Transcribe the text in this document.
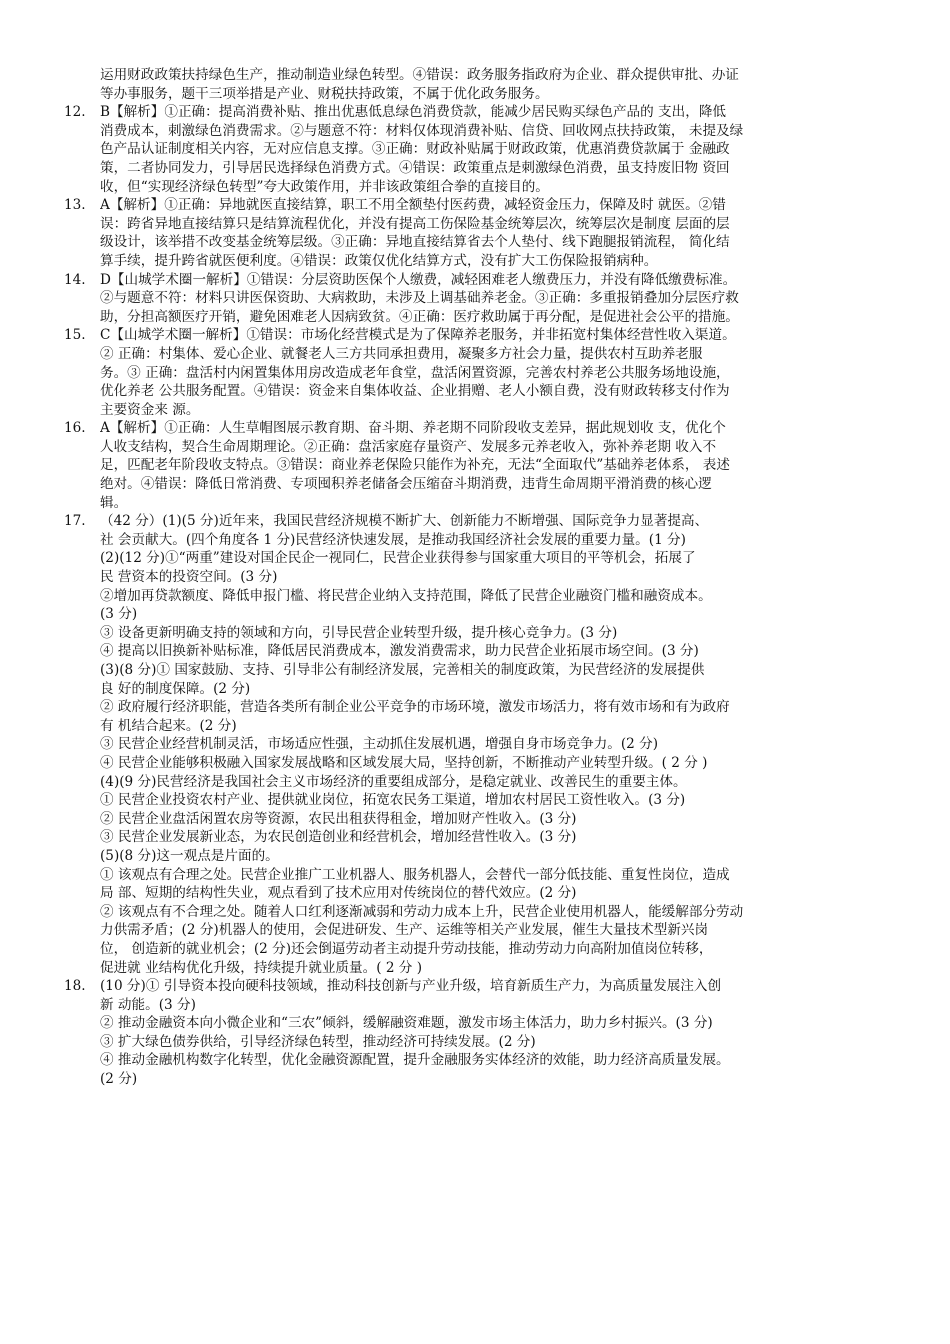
运用财政政策扶持绿色生产，推动制造业绿色转型。④错误：政务服务指政府为企业、群众提供审批、办证
等办事服务，题干三项举措是产业、财税扶持政策，不属于优化政务服务。
12.	B【解析】①正确：提高消费补贴、推出优惠低息绿色消费贷款，能减少居民购买绿色产品的 支出，降低
消费成本，刺激绿色消费需求。②与题意不符：材料仅体现消费补贴、信贷、回收网点扶持政策， 未提及绿
色产品认证制度相关内容，无对应信息支撑。③正确：财政补贴属于财政政策，优惠消费贷款属于 金融政
策，二者协同发力，引导居民选择绿色消费方式。④错误：政策重点是刺激绿色消费，虽支持废旧物 资回
收，但“实现经济绿色转型”夸大政策作用，并非该政策组合拳的直接目的。
13.	A【解析】①正确：异地就医直接结算，职工不用全额垫付医药费，减轻资金压力，保障及时 就医。②错
误：跨省异地直接结算只是结算流程优化，并没有提高工伤保险基金统筹层次，统筹层次是制度 层面的层
级设计，该举措不改变基金统筹层级。③正确：异地直接结算省去个人垫付、线下跑腿报销流程， 简化结
算手续，提升跨省就医便利度。④错误：政策仅优化结算方式，没有扩大工伤保险报销病种。
14.	D【山城学术圈一解析】①错误：分层资助医保个人缴费，减轻困难老人缴费压力，并没有降低缴费标准。
②与题意不符：材料只讲医保资助、大病救助，未涉及上调基础养老金。③正确：多重报销叠加分层医疗救
助，分担高额医疗开销，避免困难老人因病致贫。④正确：医疗救助属于再分配，是促进社会公平的措施。
15.	C【山城学术圈一解析】①错误：市场化经营模式是为了保障养老服务，并非拓宽村集体经营性收入渠道。
② 正确：村集体、爱心企业、就餐老人三方共同承担费用，凝聚多方社会力量，提供农村互助养老服
务。③ 正确：盘活村内闲置集体用房改造成老年食堂，盘活闲置资源，完善农村养老公共服务场地设施，
优化养老 公共服务配置。④错误：资金来自集体收益、企业捐赠、老人小额自费，没有财政转移支付作为
主要资金来 源。
16.	A【解析】①正确：人生草帽图展示教育期、奋斗期、养老期不同阶段收支差异，据此规划收 支，优化个
人收支结构，契合生命周期理论。②正确：盘活家庭存量资产、发展多元养老收入，弥补养老期 收入不
足，匹配老年阶段收支特点。③错误：商业养老保险只能作为补充，无法“全面取代”基础养老体系， 表述
绝对。④错误：降低日常消费、专项囤积养老储备会压缩奋斗期消费，违背生命周期平滑消费的核心逻
辑。
17.	（42 分）(1)(5 分)近年来，我国民营经济规模不断扩大、创新能力不断增强、国际竞争力显著提高、
社 会贡献大。(四个角度各 1 分)民营经济快速发展，是推动我国经济社会发展的重要力量。(1 分)
(2)(12 分)①“两重”建设对国企民企一视同仁，民营企业获得参与国家重大项目的平等机会，拓展了
民 营资本的投资空间。(3 分)
②增加再贷款额度、降低申报门槛、将民营企业纳入支持范围，降低了民营企业融资门槛和融资成本。
(3 分)
③ 设备更新明确支持的领域和方向，引导民营企业转型升级，提升核心竞争力。(3 分)
④ 提高以旧换新补贴标准，降低居民消费成本，激发消费需求，助力民营企业拓展市场空间。(3 分)
(3)(8 分)① 国家鼓励、支持、引导非公有制经济发展，完善相关的制度政策，为民营经济的发展提供
良 好的制度保障。(2 分)
② 政府履行经济职能，营造各类所有制企业公平竞争的市场环境，激发市场活力，将有效市场和有为政府
有 机结合起来。(2 分)
③ 民营企业经营机制灵活，市场适应性强，主动抓住发展机遇，增强自身市场竞争力。(2 分)
④ 民营企业能够积极融入国家发展战略和区域发展大局，坚持创新，不断推动产业转型升级。( 2 分 )
(4)(9 分)民营经济是我国社会主义市场经济的重要组成部分，是稳定就业、改善民生的重要主体。
① 民营企业投资农村产业、提供就业岗位，拓宽农民务工渠道，增加农村居民工资性收入。(3 分)
② 民营企业盘活闲置农房等资源，农民出租获得租金，增加财产性收入。(3 分)
③ 民营企业发展新业态，为农民创造创业和经营机会，增加经营性收入。(3 分)
(5)(8 分)这一观点是片面的。
① 该观点有合理之处。民营企业推广工业机器人、服务机器人，会替代一部分低技能、重复性岗位，造成
局 部、短期的结构性失业，观点看到了技术应用对传统岗位的替代效应。(2 分)
② 该观点有不合理之处。随着人口红利逐渐减弱和劳动力成本上升，民营企业使用机器人，能缓解部分劳动
力供需矛盾；(2 分)机器人的使用，会促进研发、生产、运维等相关产业发展，催生大量技术型新兴岗
位， 创造新的就业机会；(2 分)还会倒逼劳动者主动提升劳动技能，推动劳动力向高附加值岗位转移，
促进就 业结构优化升级，持续提升就业质量。( 2 分 )
18.	(10 分)① 引导资本投向硬科技领域，推动科技创新与产业升级，培育新质生产力，为高质量发展注入创
新 动能。(3 分)
② 推动金融资本向小微企业和“三农”倾斜，缓解融资难题，激发市场主体活力，助力乡村振兴。(3 分)
③ 扩大绿色债券供给，引导经济绿色转型，推动经济可持续发展。(2 分)
④ 推动金融机构数字化转型，优化金融资源配置，提升金融服务实体经济的效能，助力经济高质量发展。
(2 分)
